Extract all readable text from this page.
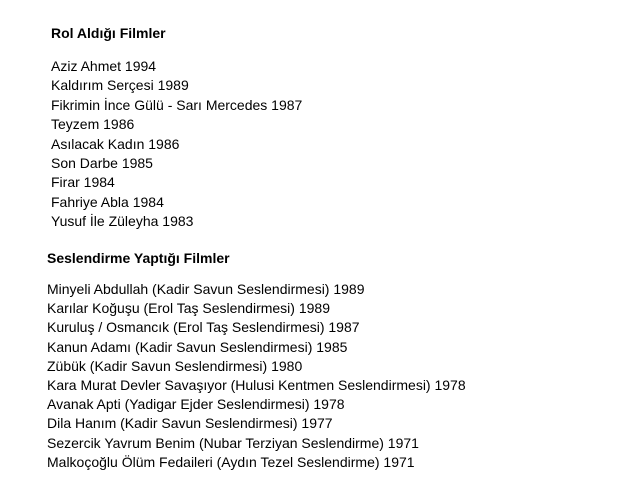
Rol Aldığı Filmler
Aziz Ahmet 1994
Kaldırım Serçesi 1989
Fikrimin İnce Gülü - Sarı Mercedes 1987
Teyzem 1986
Asılacak Kadın 1986
Son Darbe 1985
Firar 1984
Fahriye Abla 1984
Yusuf İle Züleyha 1983
Seslendirme Yaptığı Filmler
Minyeli Abdullah (Kadir Savun Seslendirmesi) 1989
Karılar Koğuşu (Erol Taş Seslendirmesi) 1989
Kuruluş / Osmancık (Erol Taş Seslendirmesi) 1987
Kanun Adamı (Kadir Savun Seslendirmesi) 1985
Zübük (Kadir Savun Seslendirmesi) 1980
Kara Murat Devler Savaşıyor (Hulusi Kentmen Seslendirmesi) 1978
Avanak Apti (Yadigar Ejder Seslendirmesi) 1978
Dila Hanım (Kadir Savun Seslendirmesi) 1977
Sezercik Yavrum Benim (Nubar Terziyan Seslendirme) 1971
Malkoçoğlu Ölüm Fedaileri (Aydın Tezel Seslendirme) 1971
